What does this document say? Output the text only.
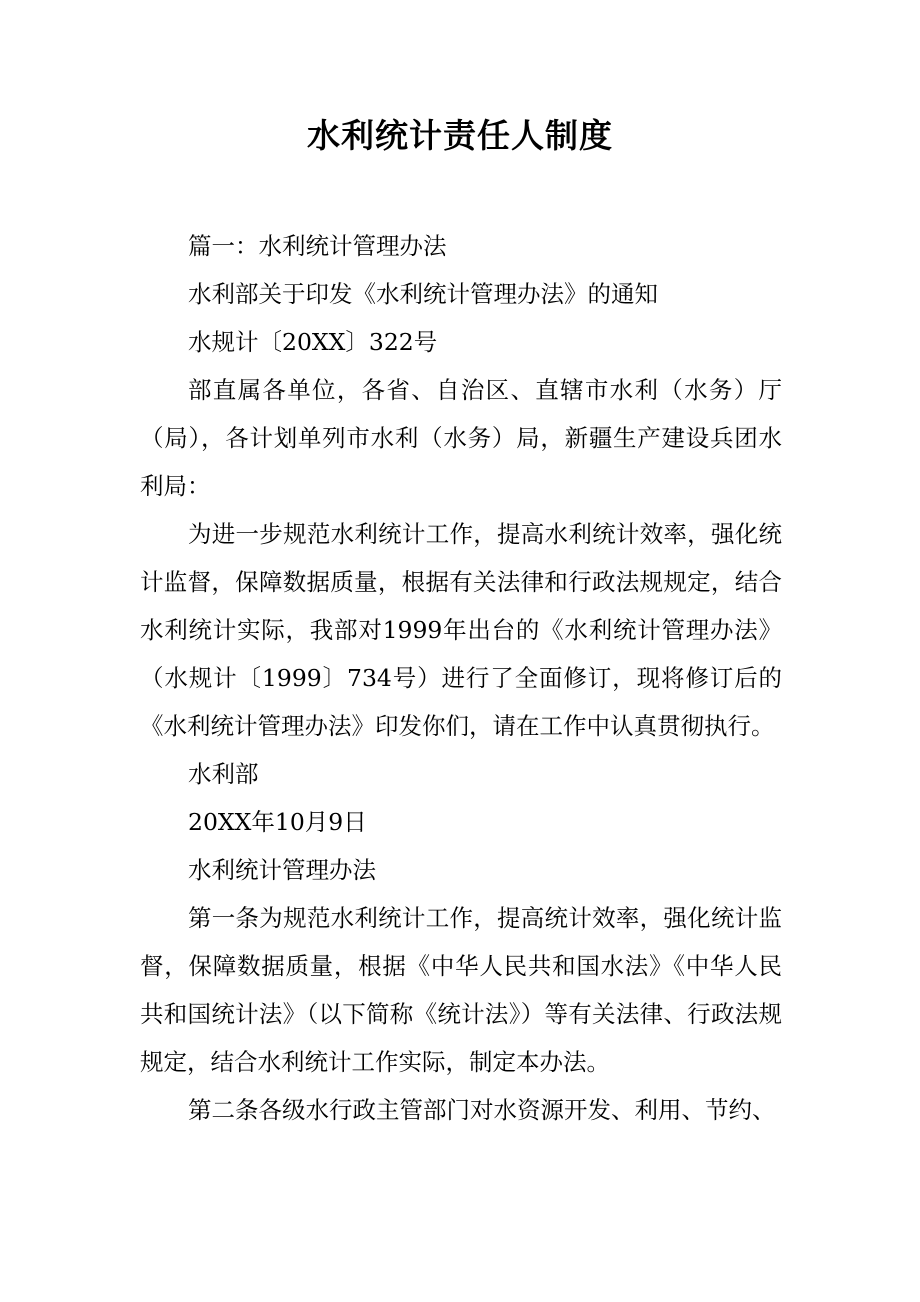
水利统计责任人制度

篇一：水利统计管理办法

水利部关于印发《水利统计管理办法》的通知

水规计〔20XX〕322号

部直属各单位，各省、自治区、直辖市水利（水务）厅（局），各计划单列市水利（水务）局，新疆生产建设兵团水利局：

为进一步规范水利统计工作，提高水利统计效率，强化统计监督，保障数据质量，根据有关法律和行政法规规定，结合水利统计实际，我部对1999年出台的《水利统计管理办法》（水规计〔1999〕734号）进行了全面修订，现将修订后的《水利统计管理办法》印发你们，请在工作中认真贯彻执行。

水利部

20XX年10月9日

水利统计管理办法

第一条为规范水利统计工作，提高统计效率，强化统计监督，保障数据质量，根据《中华人民共和国水法》《中华人民共和国统计法》（以下简称《统计法》）等有关法律、行政法规规定，结合水利统计工作实际，制定本办法。

第二条各级水行政主管部门对水资源开发、利用、节约、
